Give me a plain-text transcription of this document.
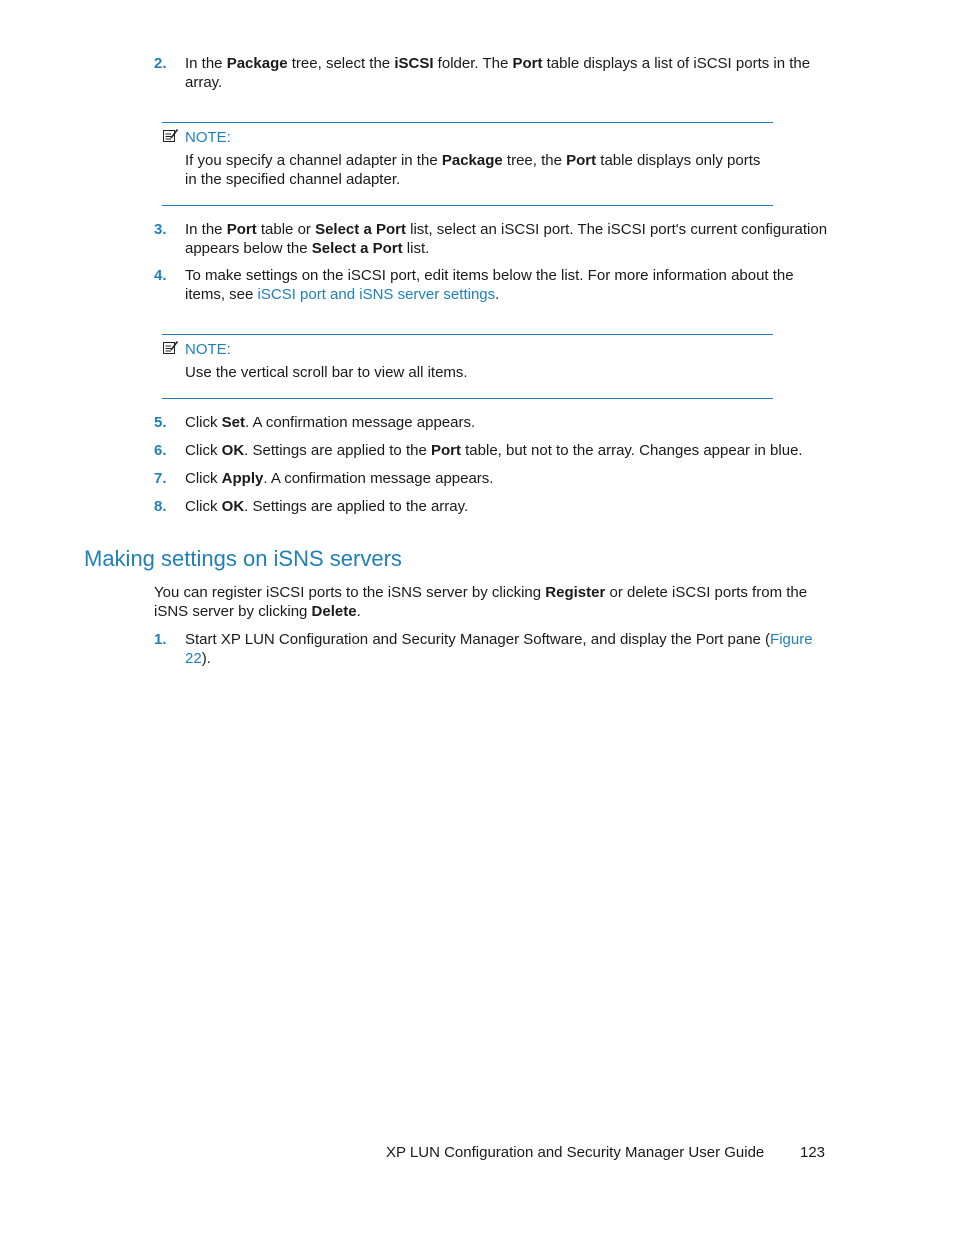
2. In the Package tree, select the iSCSI folder. The Port table displays a list of iSCSI ports in the array.
NOTE:
If you specify a channel adapter in the Package tree, the Port table displays only ports in the specified channel adapter.
3. In the Port table or Select a Port list, select an iSCSI port. The iSCSI port's current configuration appears below the Select a Port list.
4. To make settings on the iSCSI port, edit items below the list. For more information about the items, see iSCSI port and iSNS server settings.
NOTE:
Use the vertical scroll bar to view all items.
5. Click Set. A confirmation message appears.
6. Click OK. Settings are applied to the Port table, but not to the array. Changes appear in blue.
7. Click Apply. A confirmation message appears.
8. Click OK. Settings are applied to the array.
Making settings on iSNS servers
You can register iSCSI ports to the iSNS server by clicking Register or delete iSCSI ports from the iSNS server by clicking Delete.
1. Start XP LUN Configuration and Security Manager Software, and display the Port pane (Figure 22).
XP LUN Configuration and Security Manager User Guide 123
